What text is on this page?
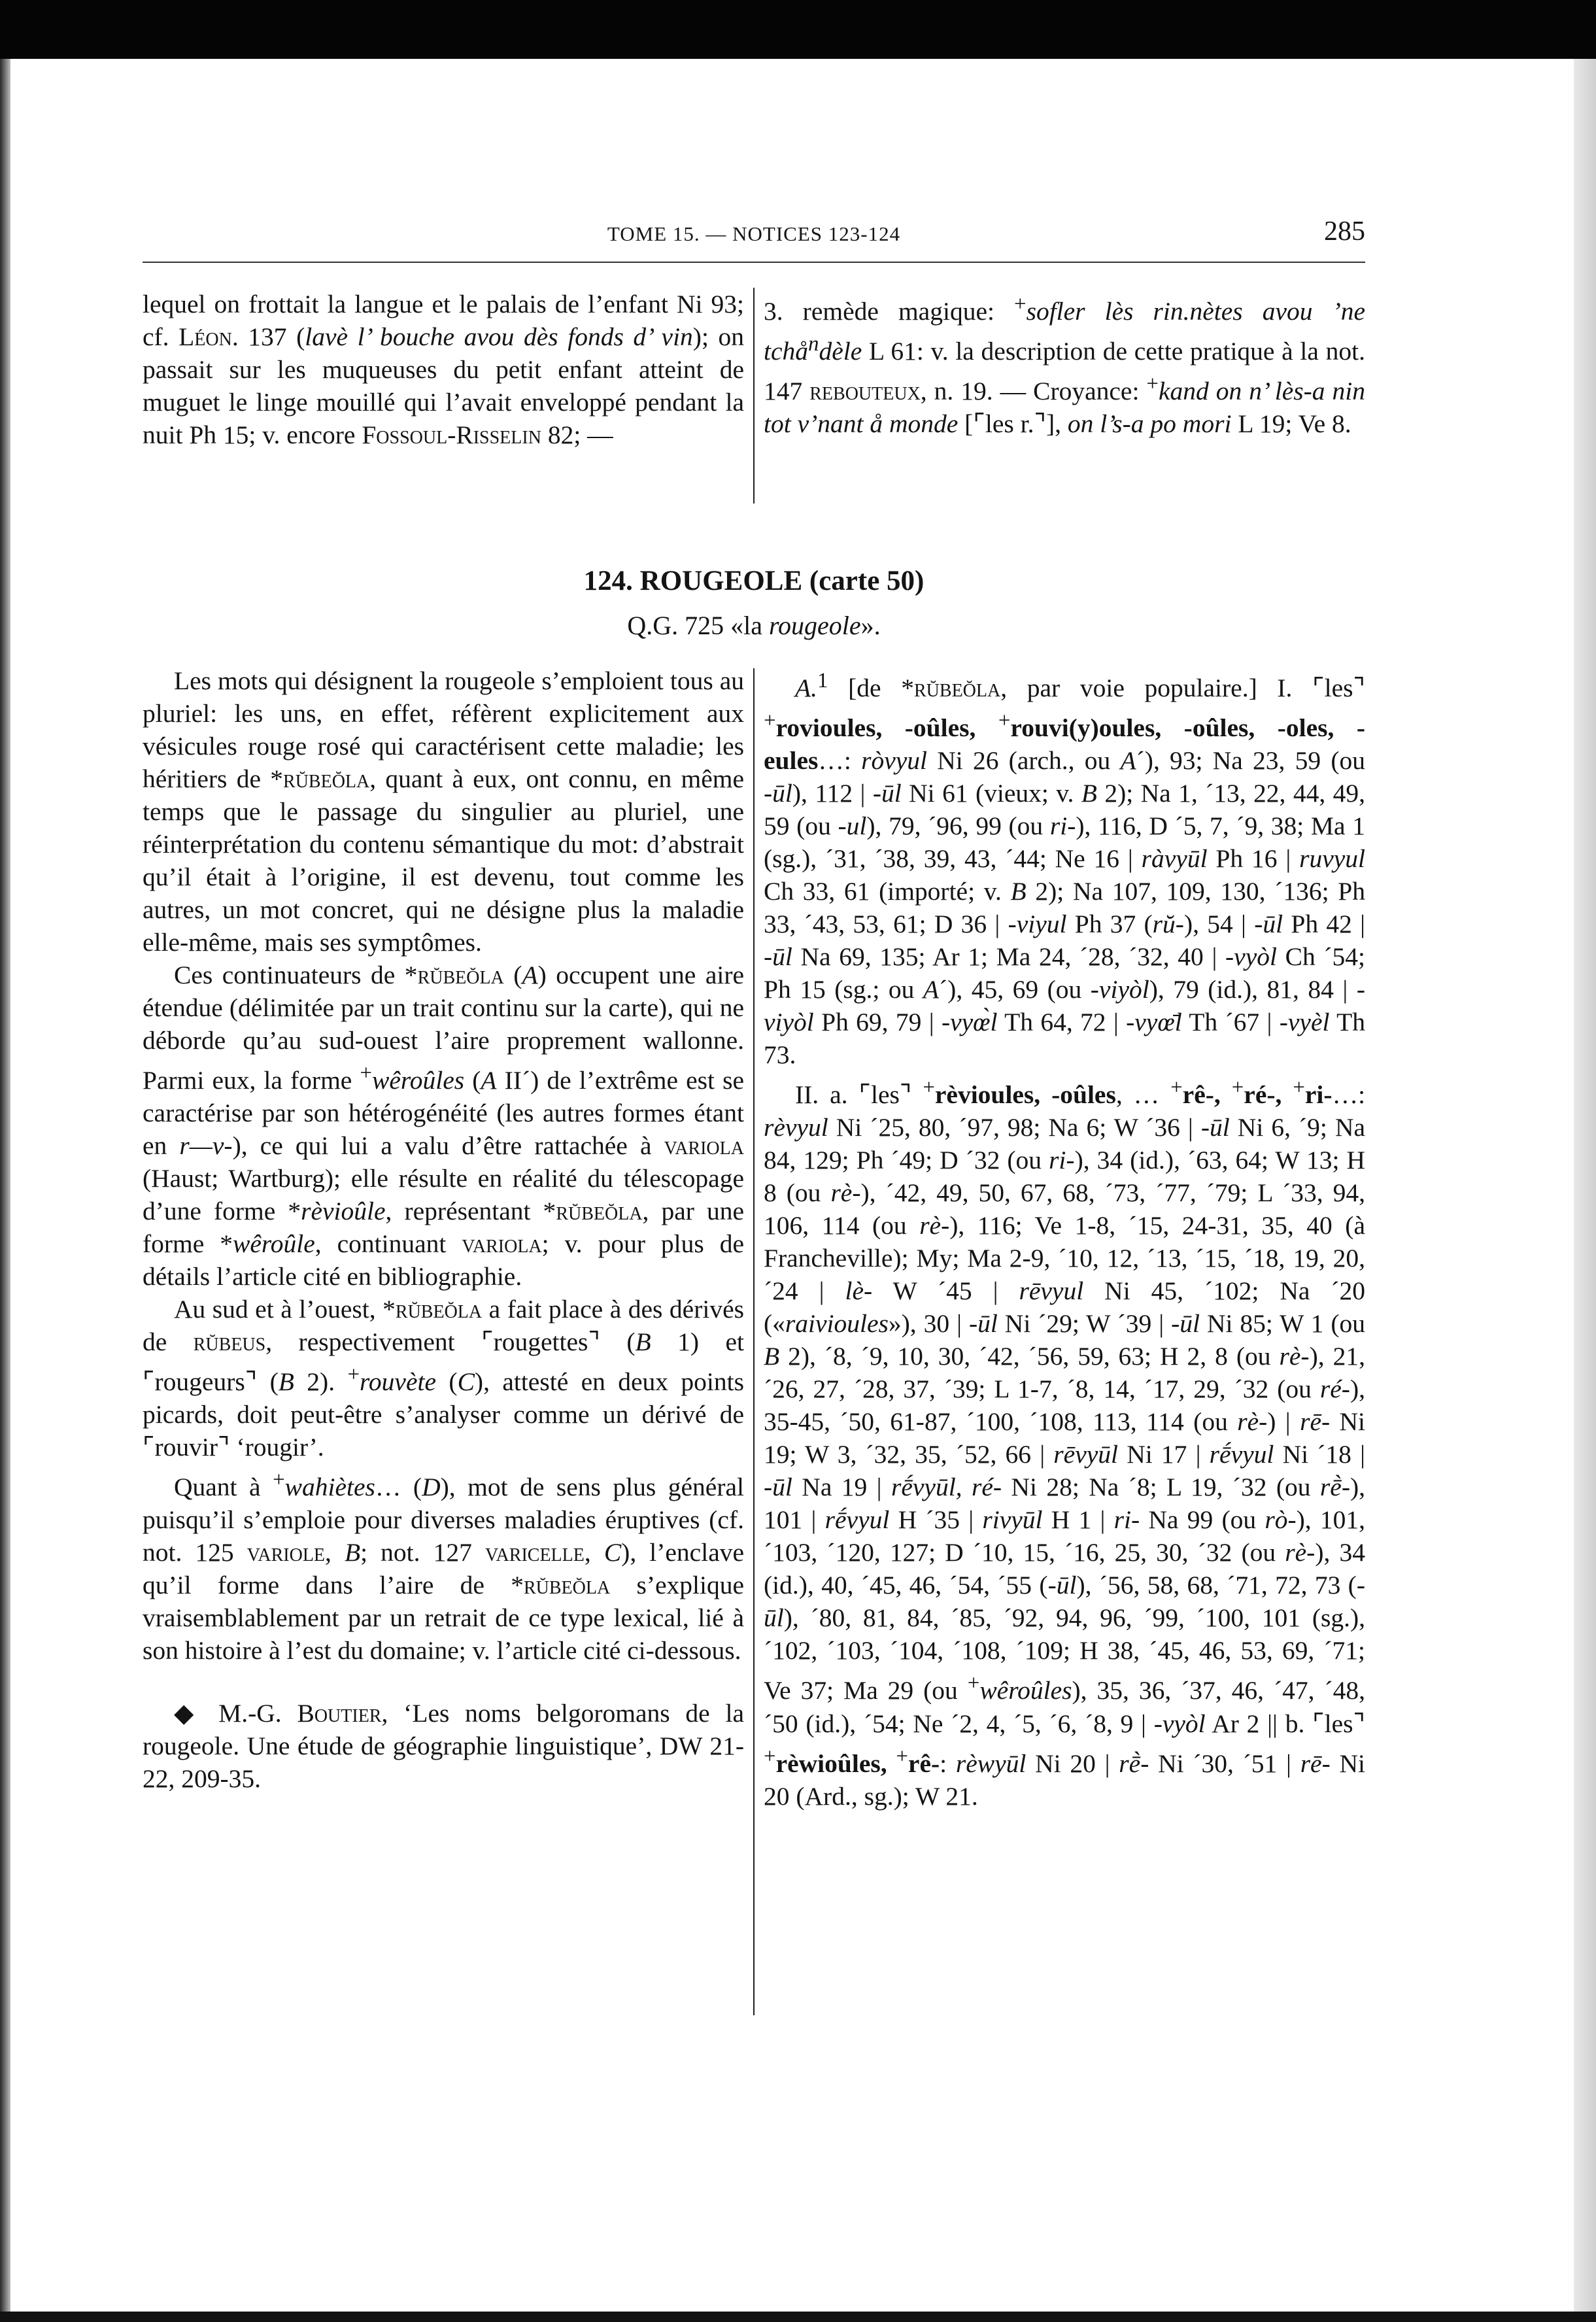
TOME 15. — NOTICES 123-124	285
lequel on frottait la langue et le palais de l’enfant Ni 93; cf. Léon. 137 (lavè l’ bouche avou dès fonds d’ vin); on passait sur les muqueuses du petit enfant atteint de muguet le linge mouillé qui l’avait enveloppé pendant la nuit Ph 15; v. encore Fossoul-Risselin 82; —
3. remède magique: +sofler lès rin.nètes avou ’ne tchå$^n$dèle L 61: v. la description de cette pratique à la not. 147 rebouteux, n. 19. — Croyance: +kand on n’ lès-a nin tot v’nant å monde [⌜les r.⌝], on l’s-a po mori L 19; Ve 8.
124. ROUGEOLE (carte 50)
Q.G. 725 «la rougeole».

Les mots qui désignent la rougeole s’emploient tous au pluriel: les uns, en effet, réfèrent explicitement aux vésicules rouge rosé qui caractérisent cette maladie; les héritiers de *rŭbeŏla, quant à eux, ont connu, en même temps que le passage du singulier au pluriel, une réinterprétation du contenu sémantique du mot: d’abstrait qu’il était à l’origine, il est devenu, tout comme les autres, un mot concret, qui ne désigne plus la maladie elle-même, mais ses symptômes.

Ces continuateurs de *rŭbeŏla (A) occupent une aire étendue (délimitée par un trait continu sur la carte), qui ne déborde qu’au sud-ouest l’aire proprement wallonne. Parmi eux, la forme +wêroûles (A II´) de l’extrême est se caractérise par son hétérogénéité (les autres formes étant en r—v-), ce qui lui a valu d’être rattachée à variola (Haust; Wartburg); elle résulte en réalité du télescopage d’une forme *rèvioûle, représentant *rŭbeŏla, par une forme *wêroûle, continuant variola; v. pour plus de détails l’article cité en bibliographie.

Au sud et à l’ouest, *rŭbeŏla a fait place à des dérivés de rŭbeus, respectivement ⌜rougettes⌝ (B 1) et ⌜rougeurs⌝ (B 2). +rouvète (C), attesté en deux points picards, doit peut-être s’analyser comme un dérivé de ⌜rouvir⌝ ‘rougir’.

Quant à +wahiètes… (D), mot de sens plus général puisqu’il s’emploie pour diverses maladies éruptives (cf. not. 125 variole, B; not. 127 varicelle, C), l’enclave qu’il forme dans l’aire de *rŭbeŏla s’explique vraisemblablement par un retrait de ce type lexical, lié à son histoire à l’est du domaine; v. l’article cité ci-dessous.

◆ M.-G. Boutier, ‘Les noms belgoromans de la rougeole. Une étude de géographie linguistique’, DW 21-22, 209-35.

A.$^1$ [de *rŭbeŏla, par voie populaire.] I. ⌜les⌝ +rovioules, -oûles, +rouvi(y)oules, -oûles, -oles, -eules…: ròvyul Ni 26 (arch., ou A´), 93; Na 23, 59 (ou -ūl), 112 | -ūl Ni 61 (vieux; v. B 2); Na 1, ´13, 22, 44, 49, 59 (ou -ul), 79, ´96, 99 (ou ri-), 116, D ´5, 7, ´9, 38; Ma 1 (sg.), ´31, ´38, 39, 43, ´44; Ne 16 | ràvyūl Ph 16 | ruvyul Ch 33, 61 (importé; v. B 2); Na 107, 109, 130, ´136; Ph 33, ´43, 53, 61; D 36 | -viyul Ph 37 (rŭ-), 54 | -ūl Ph 42 | -ūl Na 69, 135; Ar 1; Ma 24, ´28, ´32, 40 | -vyòl Ch ´54; Ph 15 (sg.; ou A´), 45, 69 (ou -viyòl), 79 (id.), 81, 84 | -viyòl Ph 69, 79 | -vyœ̀l Th 64, 72 | -vyœ̄l Th ´67 | -vyèl Th 73.

II. a. ⌜les⌝ +rèvioules, -oûles, … +rê-, +ré-, +ri-…: rèvyul Ni ´25, 80, ´97, 98; Na 6; W ´36 | -ūl Ni 6, ´9; Na 84, 129; Ph ´49; D ´32 (ou ri-), 34 (id.), ´63, 64; W 13; H 8 (ou rè-), ´42, 49, 50, 67, 68, ´73, ´77, ´79; L ´33, 94, 106, 114 (ou rè-), 116; Ve 1-8, ´15, 24-31, 35, 40 (à Francheville); My; Ma 2-9, ´10, 12, ´13, ´15, ´18, 19, 20, ´24 | lè- W ´45 | rēvyul Ni 45, ´102; Na ´20 («raivioules»), 30 | -ūl Ni ´29; W ´39 | -ūl Ni 85; W 1 (ou B 2), ´8, ´9, 10, 30, ´42, ´56, 59, 63; H 2, 8 (ou rè-), 21, ´26, 27, ´28, 37, ´39; L 1-7, ´8, 14, ´17, 29, ´32 (ou ré-), 35-45, ´50, 61-87, ´100, ´108, 113, 114 (ou rè-) | rē- Ni 19; W 3, ´32, 35, ´52, 66 | rēvyūl Ni 17 | rḗvyul Ni ´18 | -ūl Na 19 | rḗvyūl, ré- Ni 28; Na ´8; L 19, ´32 (ou rḕ-), 101 | rḗvyul H ´35 | rivyūl H 1 | ri- Na 99 (ou rò-), 101, ´103, ´120, 127; D ´10, 15, ´16, 25, 30, ´32 (ou rè-), 34 (id.), 40, ´45, 46, ´54, ´55 (-ūl), ´56, 58, 68, ´71, 72, 73 (-ūl), ´80, 81, 84, ´85, ´92, 94, 96, ´99, ´100, 101 (sg.), ´102, ´103, ´104, ´108, ´109; H 38, ´45, 46, 53, 69, ´71; Ve 37; Ma 29 (ou +wêroûles), 35, 36, ´37, 46, ´47, ´48, ´50 (id.), ´54; Ne ´2, 4, ´5, ´6, ´8, 9 | -vyòl Ar 2 || b. ⌜les⌝ +rèwioûles, +rê-: rèwyūl Ni 20 | rḕ- Ni ´30, ´51 | rē- Ni 20 (Ard., sg.); W 21.
